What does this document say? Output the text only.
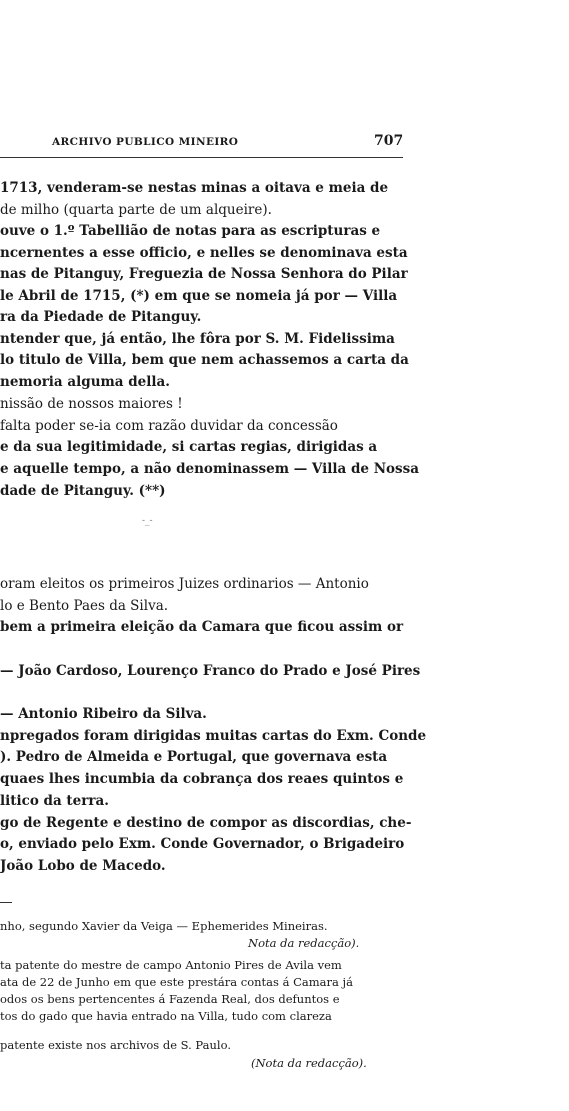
ARCHIVO PUBLICO MINEIRO	707
1713, venderam-se nestas minas a oitava e meia de
de milho (quarta parte de um alqueire).
ouve o 1.º Tabellião de notas para as escripturas e
ncernentes a esse officio, e nelles se denominava esta
nas de Pitanguy, Freguezia de Nossa Senhora do Pilar
le Abril de 1715, (*) em que se nomeia já por — Villa
ra da Piedade de Pitanguy.
ntender que, já então, lhe fôra por S. M. Fidelissima
lo titulo de Villa, bem que nem achassemos a carta da
nemoria alguma della.
nissão de nossos maiores !
falta poder se-ia com razão duvidar da concessão
e da sua legitimidade, si cartas regias, dirigidas a
e aquelle tempo, a não denominassem — Villa de Nossa
dade de Pitanguy. (**)
-_-
oram eleitos os primeiros Juizes ordinarios — Antonio
lo e Bento Paes da Silva.
bem a primeira eleição da Camara que ficou assim or
— João Cardoso, Lourenço Franco do Prado e José Pires
— Antonio Ribeiro da Silva.
npregados foram dirigidas muitas cartas do Exm. Conde
). Pedro de Almeida e Portugal, que governava esta
quaes lhes incumbia da cobrança dos reaes quintos e
litico da terra.
go de Regente e destino de compor as discordias, che-
o, enviado pelo Exm. Conde Governador, o Brigadeiro
João Lobo de Macedo.
nho, segundo Xavier da Veiga — Ephemerides Mineiras.
Nota da redacção).
ta patente do mestre de campo Antonio Pires de Avila vem
ata de 22 de Junho em que este prestára contas á Camara já
odos os bens pertencentes á Fazenda Real, dos defuntos e
tos do gado que havia entrado na Villa, tudo com clareza
patente existe nos archivos de S. Paulo.
(Nota da redacção).
